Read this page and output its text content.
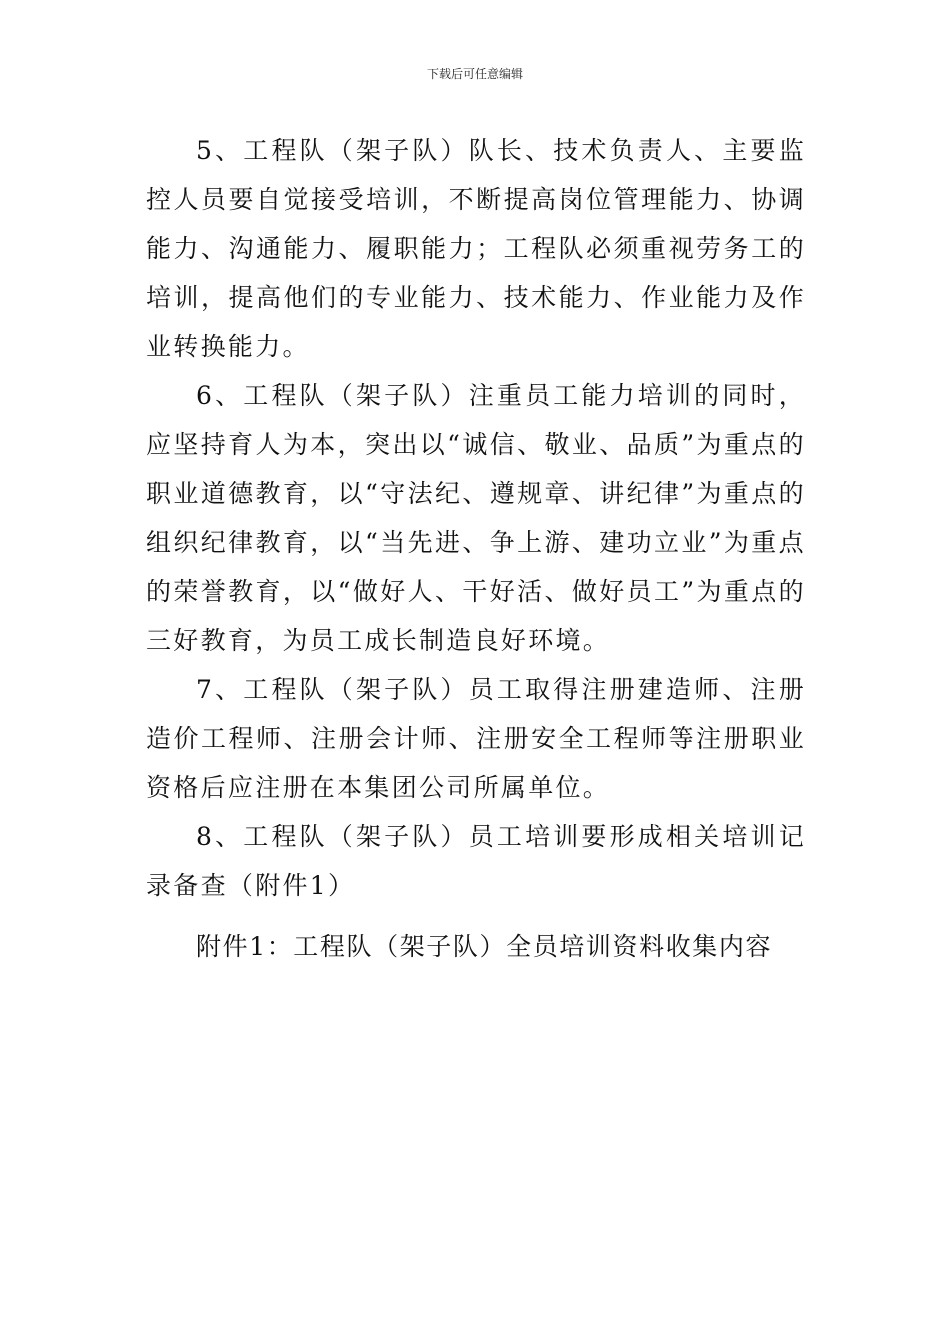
下载后可任意编辑

5、工程队（架子队）队长、技术负责人、主要监控人员要自觉接受培训，不断提高岗位管理能力、协调能力、沟通能力、履职能力；工程队必须重视劳务工的培训，提高他们的专业能力、技术能力、作业能力及作业转换能力。

6、工程队（架子队）注重员工能力培训的同时，应坚持育人为本，突出以“诚信、敬业、品质”为重点的职业道德教育，以“守法纪、遵规章、讲纪律”为重点的组织纪律教育，以“当先进、争上游、建功立业”为重点的荣誉教育，以“做好人、干好活、做好员工”为重点的三好教育，为员工成长制造良好环境。

7、工程队（架子队）员工取得注册建造师、注册造价工程师、注册会计师、注册安全工程师等注册职业资格后应注册在本集团公司所属单位。

8、工程队（架子队）员工培训要形成相关培训记录备查（附件1）

附件1：工程队（架子队）全员培训资料收集内容
